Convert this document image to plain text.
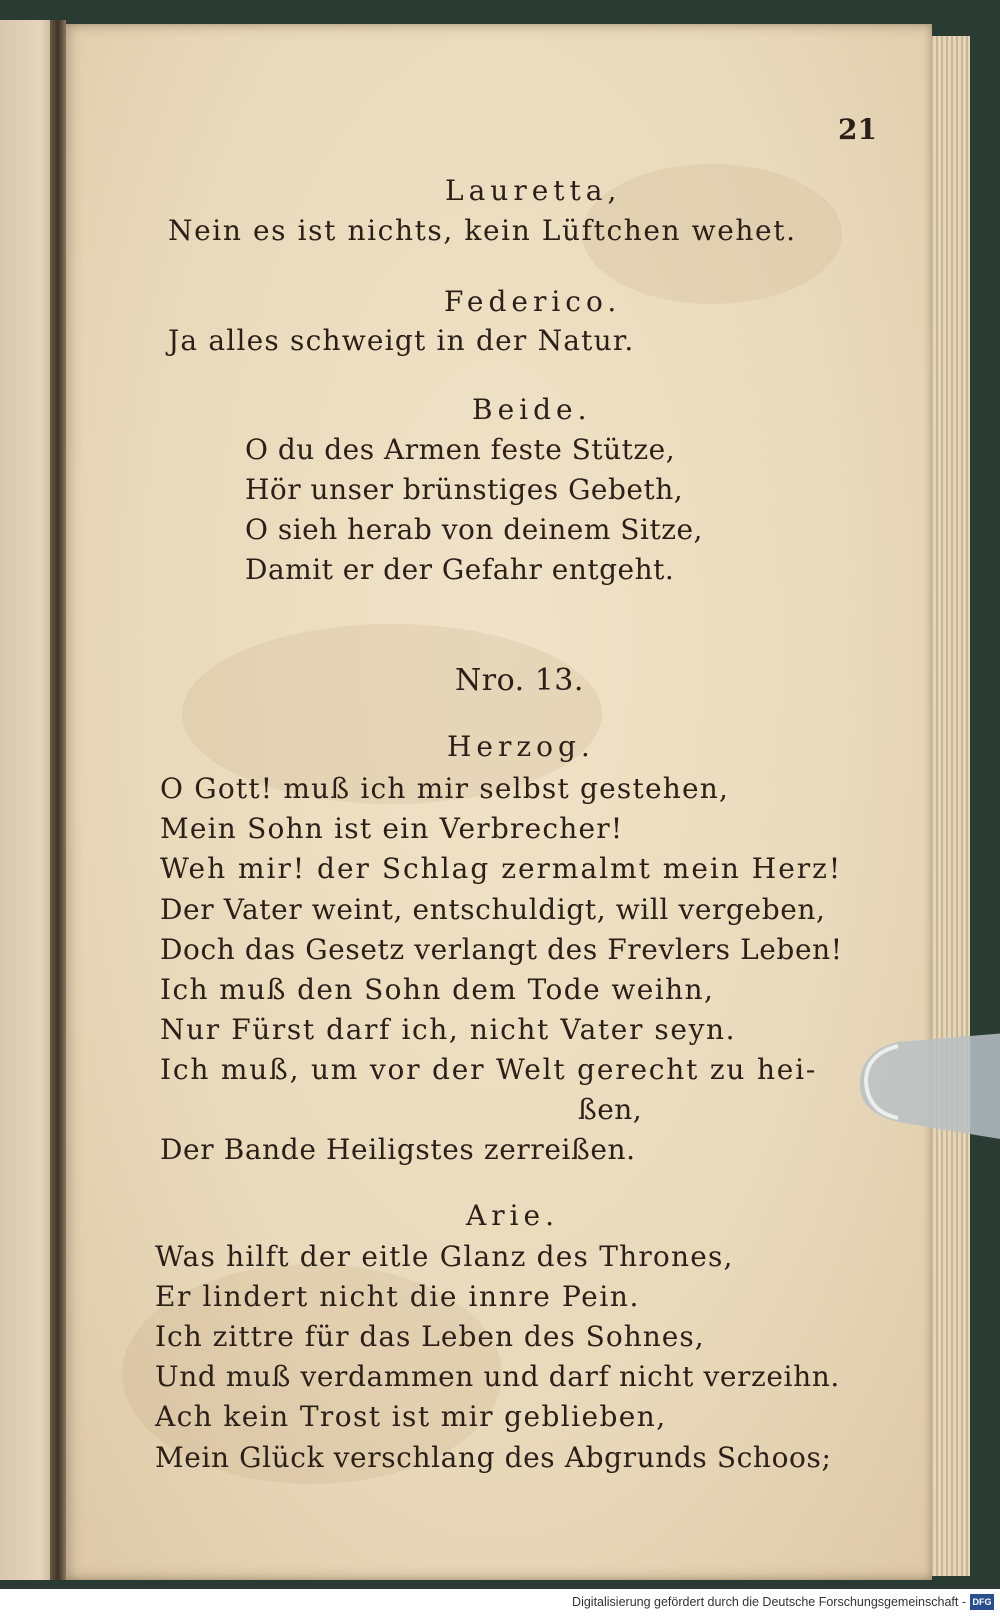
21
Lauretta,
Nein es ist nichts, kein Lüftchen wehet.
Federico.
Ja alles schweigt in der Natur.
Beide.
O du des Armen feste Stütze,
Hör unser brünstiges Gebeth,
O sieh herab von deinem Sitze,
Damit er der Gefahr entgeht.
Nro. 13.
Herzog.
O Gott! muß ich mir selbst gestehen,
Mein Sohn ist ein Verbrecher!
Weh mir! der Schlag zermalmt mein Herz!
Der Vater weint, entschuldigt, will vergeben,
Doch das Gesetz verlangt des Frevlers Leben!
Ich muß den Sohn dem Tode weihn,
Nur Fürst darf ich, nicht Vater seyn.
Ich muß, um vor der Welt gerecht zu hei-
ßen,
Der Bande Heiligstes zerreißen.
Arie.
Was hilft der eitle Glanz des Thrones,
Er lindert nicht die innre Pein.
Ich zittre für das Leben des Sohnes,
Und muß verdammen und darf nicht verzeihn.
Ach kein Trost ist mir geblieben,
Mein Glück verschlang des Abgrunds Schoos;
Digitalisierung gefördert durch die Deutsche Forschungsgemeinschaft - DFG
